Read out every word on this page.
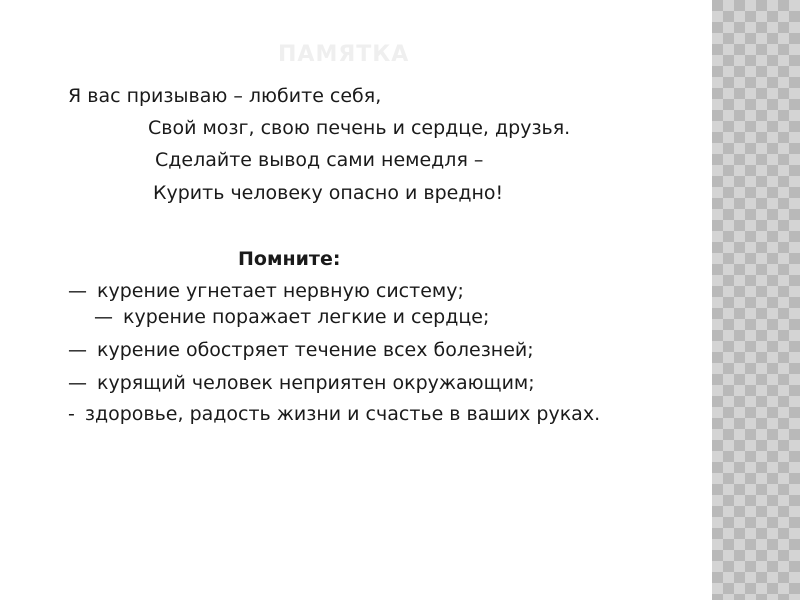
ПАМЯТКА
Я вас призываю – любите себя,
Свой мозг, свою печень и сердце, друзья.
Сделайте вывод сами немедля –
Курить человеку опасно и вредно!
Помните:
— курение угнетает нервную систему;
— курение поражает легкие и сердце;
— курение обостряет течение всех болезней;
— курящий человек неприятен окружающим;
- здоровье, радость жизни и счастье в ваших руках.
